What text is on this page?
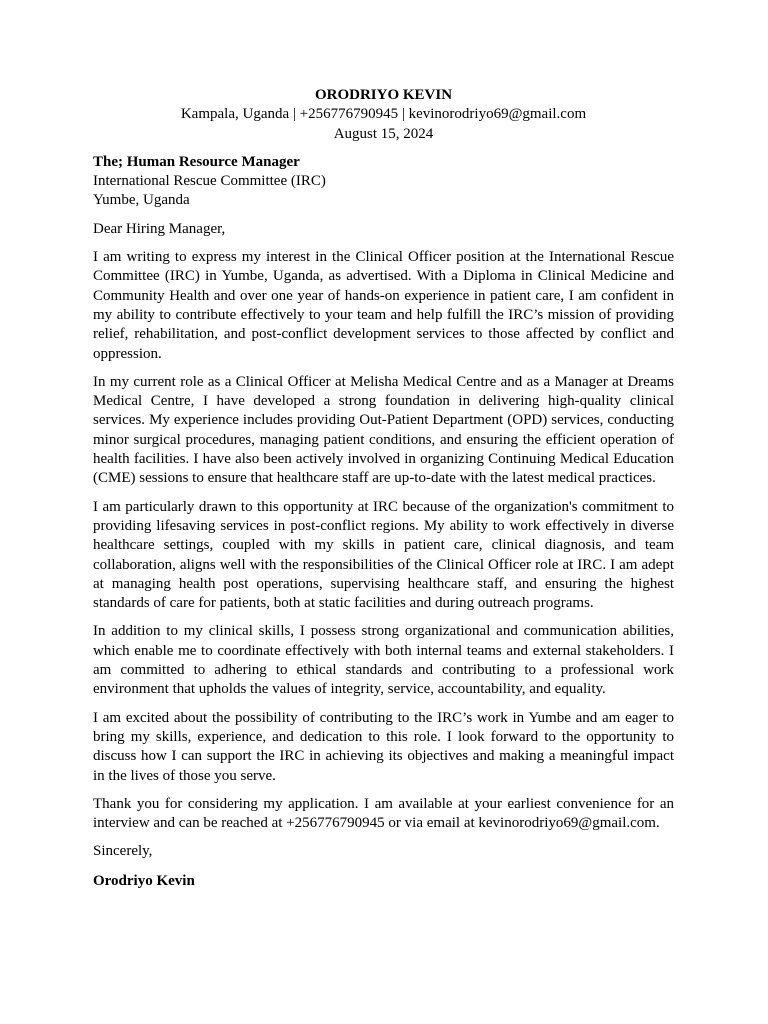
ORODRIYO KEVIN
Kampala, Uganda | +256776790945 | kevinorodriyo69@gmail.com
August 15, 2024
The; Human Resource Manager
International Rescue Committee (IRC)
Yumbe, Uganda
Dear Hiring Manager,

I am writing to express my interest in the Clinical Officer position at the International Rescue Committee (IRC) in Yumbe, Uganda, as advertised. With a Diploma in Clinical Medicine and Community Health and over one year of hands-on experience in patient care, I am confident in my ability to contribute effectively to your team and help fulfill the IRC’s mission of providing relief, rehabilitation, and post-conflict development services to those affected by conflict and oppression.

In my current role as a Clinical Officer at Melisha Medical Centre and as a Manager at Dreams Medical Centre, I have developed a strong foundation in delivering high-quality clinical services. My experience includes providing Out-Patient Department (OPD) services, conducting minor surgical procedures, managing patient conditions, and ensuring the efficient operation of health facilities. I have also been actively involved in organizing Continuing Medical Education (CME) sessions to ensure that healthcare staff are up-to-date with the latest medical practices.

I am particularly drawn to this opportunity at IRC because of the organization's commitment to providing lifesaving services in post-conflict regions. My ability to work effectively in diverse healthcare settings, coupled with my skills in patient care, clinical diagnosis, and team collaboration, aligns well with the responsibilities of the Clinical Officer role at IRC. I am adept at managing health post operations, supervising healthcare staff, and ensuring the highest standards of care for patients, both at static facilities and during outreach programs.

In addition to my clinical skills, I possess strong organizational and communication abilities, which enable me to coordinate effectively with both internal teams and external stakeholders. I am committed to adhering to ethical standards and contributing to a professional work environment that upholds the values of integrity, service, accountability, and equality.

I am excited about the possibility of contributing to the IRC’s work in Yumbe and am eager to bring my skills, experience, and dedication to this role. I look forward to the opportunity to discuss how I can support the IRC in achieving its objectives and making a meaningful impact in the lives of those you serve.

Thank you for considering my application. I am available at your earliest convenience for an interview and can be reached at +256776790945 or via email at kevinorodriyo69@gmail.com.

Sincerely,
Orodriyo Kevin
